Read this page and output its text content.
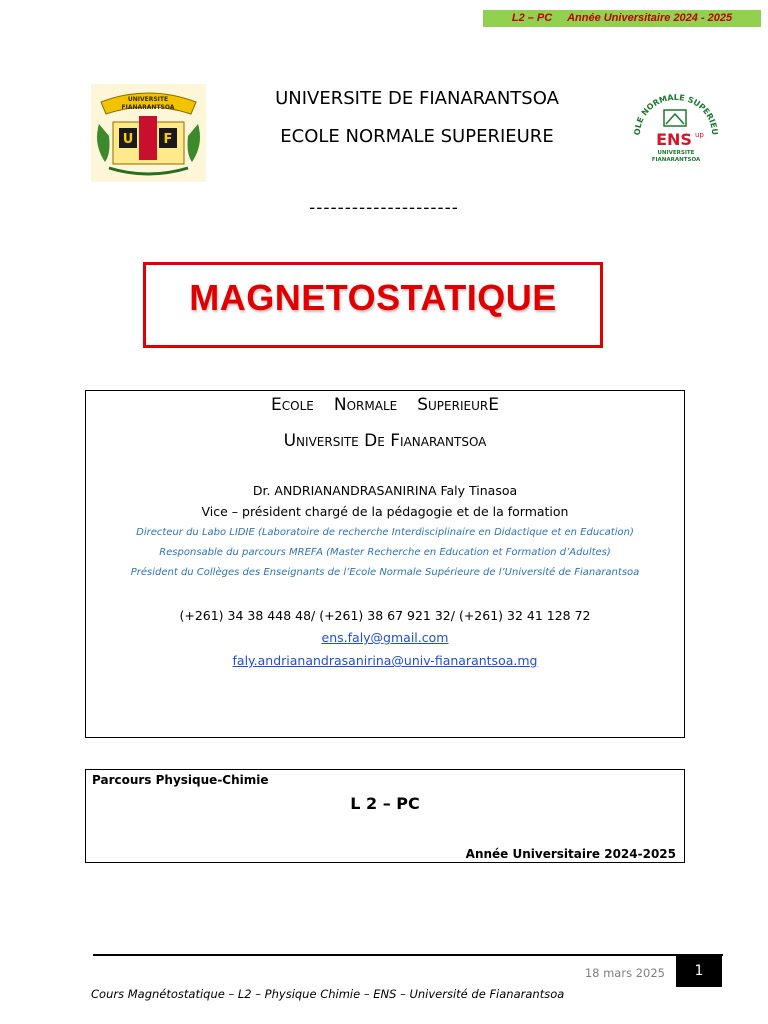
L2 – PC     Année Universitaire 2024 - 2025
UNIVERSITE
FIANARANTSOA
U F
OLE NORMALE SUPERIEU
ENS up
UNIVERSITE
FIANARANTSOA
UNIVERSITE DE FIANARANTSOA
ECOLE NORMALE SUPERIEURE
---------------------
MAGNETOSTATIQUE
Ecole Normale SuperieurE
Universite De Fianarantsoa
Dr. ANDRIANANDRASANIRINA Faly Tinasoa
Vice – président chargé de la pédagogie et de la formation
Directeur du Labo LIDIE (Laboratoire de recherche Interdisciplinaire en Didactique et en Education)
Responsable du parcours MREFA (Master Recherche en Education et Formation d’Adultes)
Président du Collèges des Enseignants de l’Ecole Normale Supérieure de l’Université de Fianarantsoa
(+261) 34 38 448 48/ (+261) 38 67 921 32/ (+261) 32 41 128 72
ens.faly@gmail.com
faly.andrianandrasanirina@univ-fianarantsoa.mg
Parcours Physique-Chimie
L 2 – PC
Année Universitaire 2024-2025
18 mars 2025	1
Cours Magnétostatique – L2 – Physique Chimie – ENS – Université de Fianarantsoa
